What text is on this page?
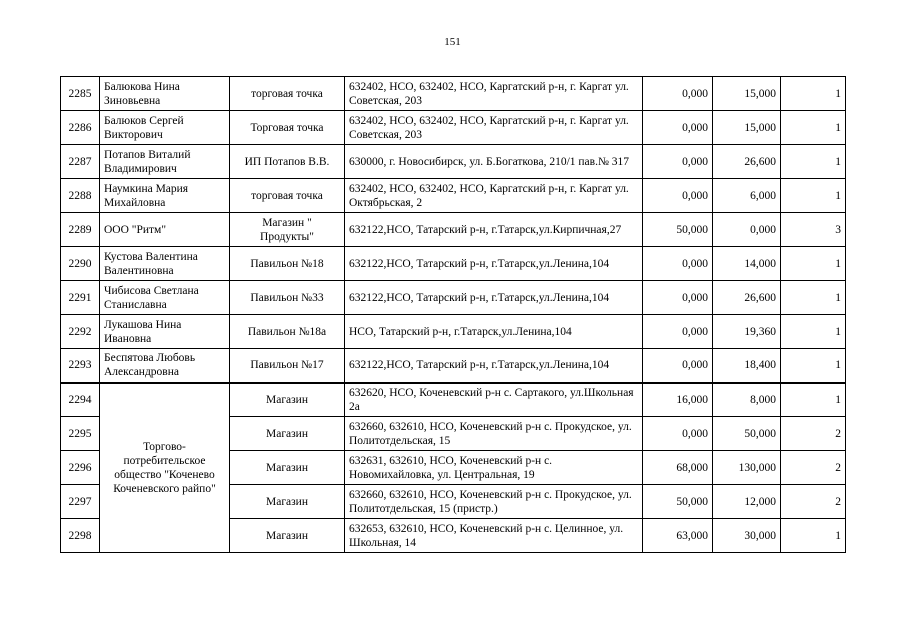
151
2285	Балюкова Нина Зиновьевна	торговая точка	632402, НСО, 632402, НСО, Каргатский р-н, г. Каргат ул. Советская, 203	0,000	15,000	1
2286	Балюков Сергей Викторович	Торговая точка	632402, НСО, 632402, НСО, Каргатский р-н, г. Каргат ул. Советская, 203	0,000	15,000	1
2287	Потапов Виталий Владимирович	ИП Потапов В.В.	630000, г. Новосибирск, ул. Б.Богаткова, 210/1 пав.№ 317	0,000	26,600	1
2288	Наумкина Мария Михайловна	торговая точка	632402, НСО, 632402, НСО, Каргатский р-н, г. Каргат ул. Октябрьская, 2	0,000	6,000	1
2289	ООО "Ритм"	Магазин " Продукты"	632122,НСО, Татарский р-н, г.Татарск,ул.Кирпичная,27	50,000	0,000	3
2290	Кустова Валентина Валентиновна	Павильон №18	632122,НСО, Татарский р-н, г.Татарск,ул.Ленина,104	0,000	14,000	1
2291	Чибисова Светлана Станиславна	Павильон №33	632122,НСО, Татарский р-н, г.Татарск,ул.Ленина,104	0,000	26,600	1
2292	Лукашова Нина Ивановна	Павильон №18а	НСО, Татарский р-н, г.Татарск,ул.Ленина,104	0,000	19,360	1
2293	Беспятова Любовь Александровна	Павильон №17	632122,НСО, Татарский р-н, г.Татарск,ул.Ленина,104	0,000	18,400	1
2294	Торгово-потребительское общество "Коченево Коченевского райпо"	Магазин	632620, НСО, Коченевский р-н с. Сартакого, ул.Школьная 2а	16,000	8,000	1
2295		Магазин	632660, 632610, НСО, Коченевский р-н с. Прокудское, ул. Политотдельская, 15	0,000	50,000	2
2296		Магазин	632631, 632610, НСО, Коченевский р-н с. Новомихайловка, ул. Центральная, 19	68,000	130,000	2
2297		Магазин	632660, 632610, НСО, Коченевский р-н с. Прокудское, ул. Политотдельская, 15 (пристр.)	50,000	12,000	2
2298		Магазин	632653, 632610, НСО, Коченевский р-н с. Целинное, ул. Школьная, 14	63,000	30,000	1
